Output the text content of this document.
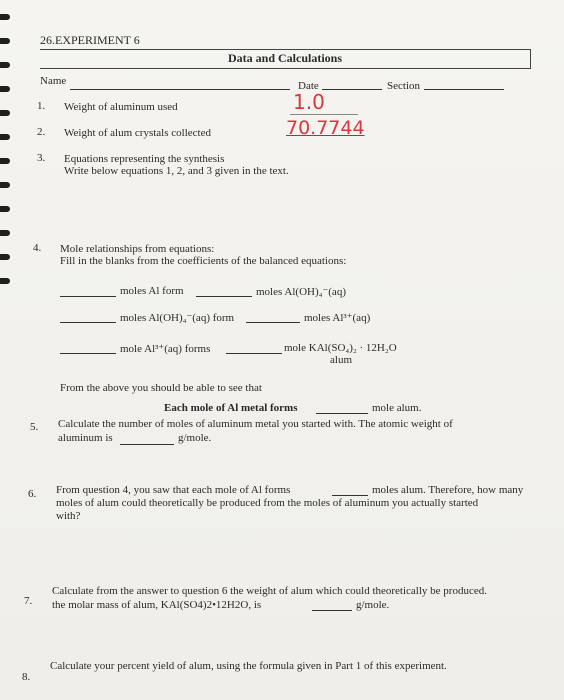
26.EXPERIMENT 6
Data and Calculations
Name	Date	Section
1. Weight of aluminum used	1.0
2. Weight of alum crystals collected	70.7744
3. Equations representing the synthesis
Write below equations 1, 2, and 3 given in the text.
4. Mole relationships from equations:
Fill in the blanks from the coefficients of the balanced equations:
moles Al form	moles Al(OH)₄⁻(aq)
moles Al(OH)₄⁻(aq) form	moles Al³⁺(aq)
mole Al³⁺(aq) forms	mole KAl(SO₄)₂ · 12H₂O
alum
From the above you should be able to see that
Each mole of Al metal forms	mole alum.
5. Calculate the number of moles of aluminum metal you started with. The atomic weight of
aluminum is	g/mole.
6. From question 4, you saw that each mole of Al forms	moles alum. Therefore, how many
moles of alum could theoretically be produced from the moles of aluminum you actually started
with?
7.
Calculate from the answer to question 6 the weight of alum which could theoretically be produced.
the molar mass of alum, KAl(SO4)2•12H2O, is	g/mole.
8.
Calculate your percent yield of alum, using the formula given in Part 1 of this experiment.
